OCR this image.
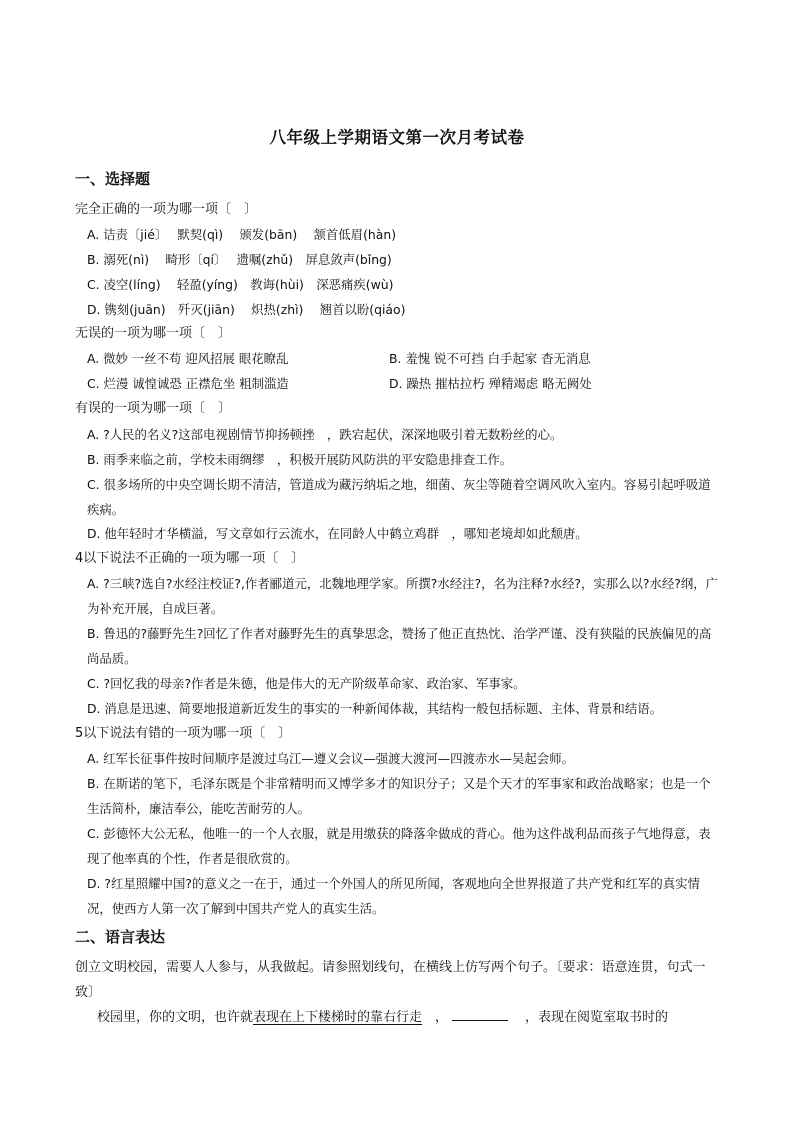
八年级上学期语文第一次月考试卷
一、选择题
完全正确的一项为哪一项〔　〕
A. 诘责〔jié〕　 默契(qì)　 颁发(bān)　 颔首低眉(hàn)
B. 溺死(nì)　 畸形〔qí〕　 遗嘱(zhǔ)　屏息敛声(bǐng)
C. 凌空(líng)　 轻盈(yíng)　教诲(hùi)　深恶痛疾(wù)
D. 镌刻(juān)　歼灭(jiān)　 炽热(zhì)　 翘首以盼(qiáo)
无误的一项为哪一项〔　〕
A. 微妙 一丝不苟 迎风招展 眼花瞭乱	B. 羞愧 锐不可挡 白手起家 杳无消息
C. 烂漫 诚惶诚恐 正襟危坐 粗制滥造	D. 躁热 摧枯拉朽 殚精竭虑 略无阙处
有误的一项为哪一项〔　〕
A. ?人民的名义?这部电视剧情节抑扬顿挫　，跌宕起伏，深深地吸引着无数粉丝的心。
B. 雨季来临之前，学校未雨绸缪　，积极开展防风防洪的平安隐患排查工作。
C. 很多场所的中央空调长期不清洁，管道成为藏污纳垢之地，细菌、灰尘等随着空调风吹入室内。容易引起呼吸道疾病。
D. 他年轻时才华横溢，写文章如行云流水，在同龄人中鹤立鸡群　，哪知老境却如此颓唐。
4以下说法不正确的一项为哪一项〔　〕
A. ?三峡?选自?水经注校证?,作者郦道元，北魏地理学家。所撰?水经注?，名为注释?水经?，实那么以?水经?纲，广为补充开展，自成巨著。
B. 鲁迅的?藤野先生?回忆了作者对藤野先生的真挚思念，赞扬了他正直热忱、治学严谨、没有狭隘的民族偏见的高尚品质。
C. ?回忆我的母亲?作者是朱德，他是伟大的无产阶级革命家、政治家、军事家。
D. 消息是迅速、简要地报道新近发生的事实的一种新闻体裁，其结构一般包括标题、主体、背景和结语。
5以下说法有错的一项为哪一项〔　〕
A. 红军长征事件按时间顺序是渡过乌江—遵义会议—强渡大渡河—四渡赤水—吴起会师。
B. 在斯诺的笔下，毛泽东既是个非常精明而又博学多才的知识分子；又是个天才的军事家和政治战略家；也是一个生活简朴，廉洁奉公，能吃苦耐劳的人。
C. 彭德怀大公无私，他唯一的一个人衣服，就是用缴获的降落伞做成的背心。他为这件战利品而孩子气地得意，表现了他率真的个性，作者是很欣赏的。
D. ?红星照耀中国?的意义之一在于，通过一个外国人的所见所闻，客观地向全世界报道了共产党和红军的真实情况，使西方人第一次了解到中国共产党人的真实生活。
二、语言表达
创立文明校园，需要人人参与，从我做起。请参照划线句，在横线上仿写两个句子。〔要求：语意连贯，句式一致〕
校园里，你的文明，也许就表现在上下楼梯时的靠右行走　，	　，表现在阅览室取书时的
